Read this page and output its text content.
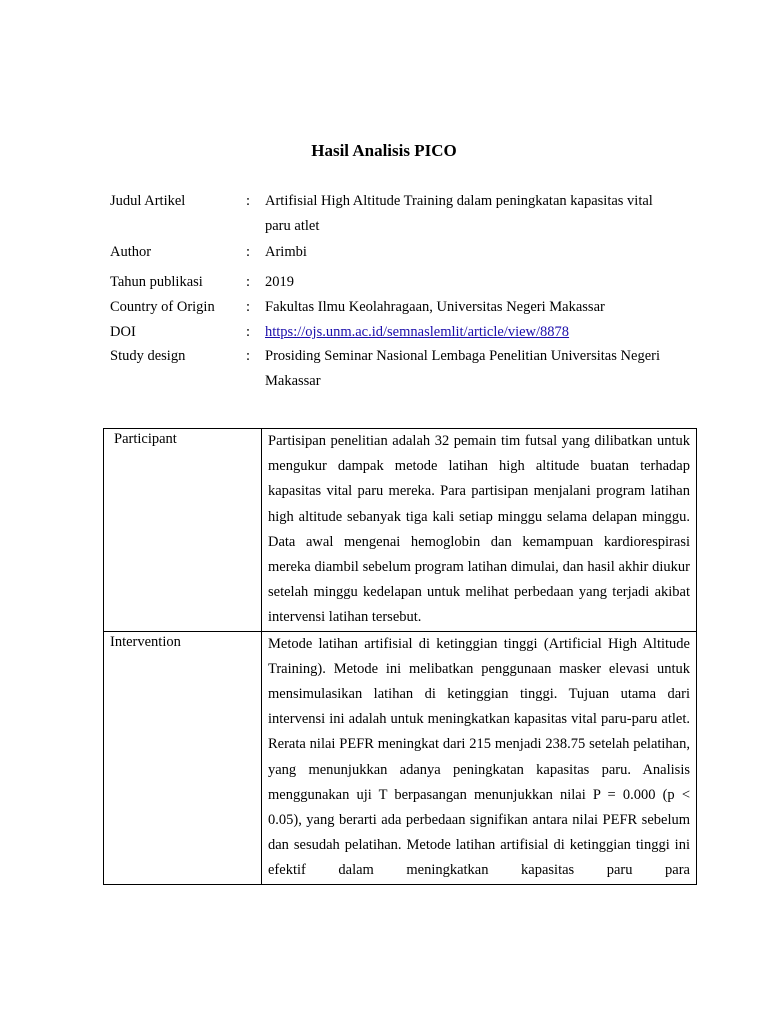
Hasil Analisis PICO
Judul Artikel	: Artifisial High Altitude Training dalam peningkatan kapasitas vital paru atlet
Author	: Arimbi
Tahun publikasi	: 2019
Country of Origin : Fakultas Ilmu Keolahragaan, Universitas Negeri Makassar
DOI	: https://ojs.unm.ac.id/semnaslemlit/article/view/8878
Study design	: Prosiding Seminar Nasional Lembaga Penelitian Universitas Negeri Makassar
Participant	Partisipan penelitian adalah 32 pemain tim futsal yang dilibatkan untuk mengukur dampak metode latihan high altitude buatan terhadap kapasitas vital paru mereka. Para partisipan menjalani program latihan high altitude sebanyak tiga kali setiap minggu selama delapan minggu. Data awal mengenai hemoglobin dan kemampuan kardiorespirasi mereka diambil sebelum program latihan dimulai, dan hasil akhir diukur setelah minggu kedelapan untuk melihat perbedaan yang terjadi akibat intervensi latihan tersebut.

Intervention	Metode latihan artifisial di ketinggian tinggi (Artificial High Altitude Training). Metode ini melibatkan penggunaan masker elevasi untuk mensimulasikan latihan di ketinggian tinggi. Tujuan utama dari intervensi ini adalah untuk meningkatkan kapasitas vital paru-paru atlet. Rerata nilai PEFR meningkat dari 215 menjadi 238.75 setelah pelatihan, yang menunjukkan adanya peningkatan kapasitas paru. Analisis menggunakan uji T berpasangan menunjukkan nilai P = 0.000 (p < 0.05), yang berarti ada perbedaan signifikan antara nilai PEFR sebelum dan sesudah pelatihan. Metode latihan artifisial di ketinggian tinggi ini efektif dalam meningkatkan kapasitas paru para
